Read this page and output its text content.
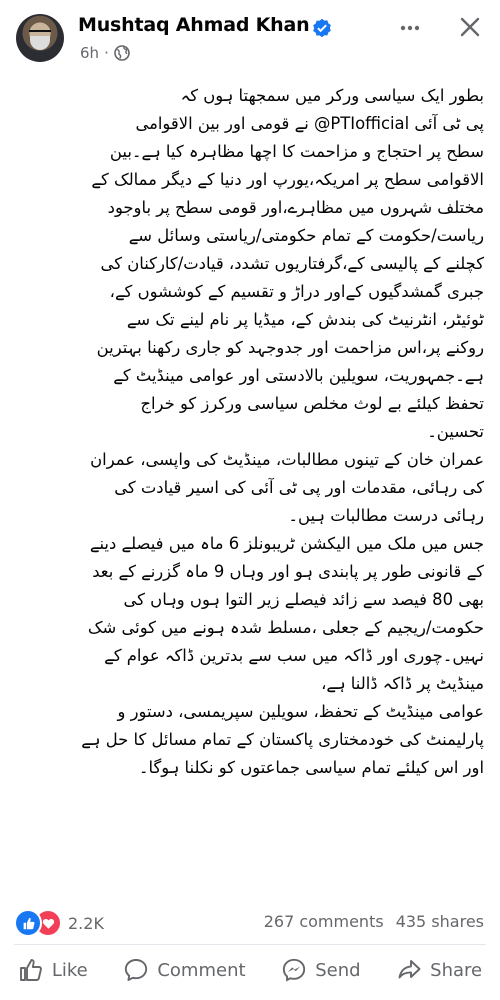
Mushtaq Ahmad Khan
6h ·

بطور ایک سیاسی ورکر میں سمجھتا ہوں کہ

پی ٹی آئی PTIofficial@ نے قومی اور بین الاقوامی

سطح پر احتجاج و مزاحمت کا اچھا مظاہرہ کیا ہے۔بین

الاقوامی سطح پر امریکہ،یورپ اور دنیا کے دیگر ممالک کے

مختلف شہروں میں مظاہرے،اور قومی سطح پر باوجود

ریاست/حکومت کے تمام حکومتی/ریاستی وسائل سے

کچلنے کے پالیسی کے،گرفتاریوں تشدد، قیادت/کارکنان کی

جبری گمشدگیوں کےاور دراڑ و تقسیم کے کوششوں کے،

ٹوئیٹر، انٹرنیٹ کی بندش کے، میڈیا پر نام لینے تک سے

روکنے پر،اس مزاحمت اور جدوجہد کو جاری رکھنا بہترین

ہے۔جمہوریت، سویلین بالادستی اور عوامی مینڈیٹ کے

تحفظ کیلئے بے لوث مخلص سیاسی ورکرز کو خراج

تحسین۔

عمران خان کے تینوں مطالبات، مینڈیٹ کی واپسی، عمران

کی رہائی، مقدمات اور پی ٹی آئی کی اسیر قیادت کی

رہائی درست مطالبات ہیں۔

جس میں ملک میں الیکشن ٹریبونلز 6 ماہ میں فیصلے دینے

کے قانونی طور پر پابندی ہو اور وہاں 9 ماہ گزرنے کے بعد

بھی 80 فیصد سے زائد فیصلے زیر التوا ہوں وہاں کی

حکومت/ریجیم کے جعلی ،مسلط شدہ ہونے میں کوئی شک

نہیں۔چوری اور ڈاکہ میں سب سے بدترین ڈاکہ عوام کے

مینڈیٹ پر ڈاکہ ڈالنا ہے،

عوامی مینڈیٹ کے تحفظ، سویلین سپریمسی، دستور و

پارلیمنٹ کی خودمختاری پاکستان کے تمام مسائل کا حل ہے

اور اس کیلئے تمام سیاسی جماعتوں کو نکلنا ہوگا۔

2.2K	267 comments 435 shares
Like	Comment	Send	Share
